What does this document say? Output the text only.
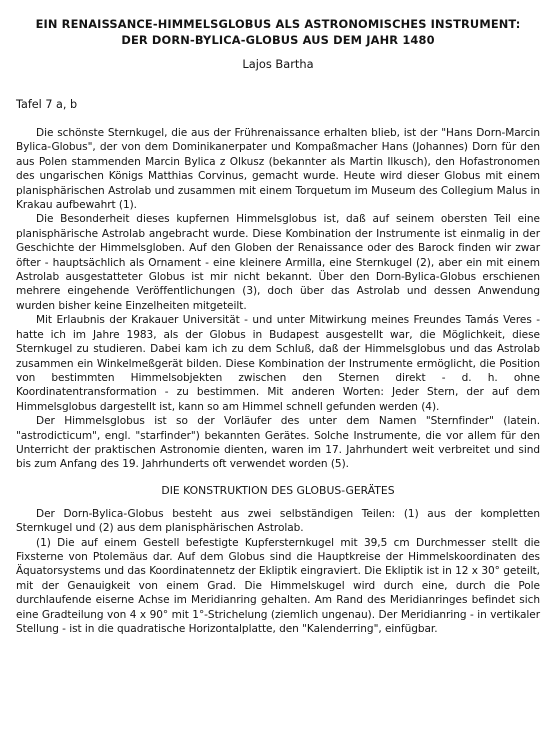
EIN RENAISSANCE-HIMMELSGLOBUS ALS ASTRONOMISCHES INSTRUMENT:
DER DORN-BYLICA-GLOBUS AUS DEM JAHR 1480
Lajos Bartha
Tafel 7 a, b

Die schönste Sternkugel, die aus der Frührenaissance erhalten blieb, ist der "Hans Dorn-Marcin Bylica-Globus", der von dem Dominikanerpater und Kompaßmacher Hans (Johannes) Dorn für den aus Polen stammenden Marcin Bylica z Olkusz (bekannter als Martin Ilkusch), den Hofastronomen des ungarischen Königs Matthias Corvinus, gemacht wurde. Heute wird dieser Globus mit einem planisphärischen Astrolab und zusammen mit einem Torquetum im Museum des Collegium Malus in Krakau aufbewahrt (1).

Die Besonderheit dieses kupfernen Himmelsglobus ist, daß auf seinem obersten Teil eine planisphärische Astrolab angebracht wurde. Diese Kombination der Instrumente ist einmalig in der Geschichte der Himmelsgloben. Auf den Globen der Renaissance oder des Barock finden wir zwar öfter - hauptsächlich als Ornament - eine kleinere Armilla, eine Sternkugel (2), aber ein mit einem Astrolab ausgestatteter Globus ist mir nicht bekannt. Über den Dorn-Bylica-Globus erschienen mehrere eingehende Veröffentlichungen (3), doch über das Astrolab und dessen Anwendung wurden bisher keine Einzelheiten mitgeteilt.

Mit Erlaubnis der Krakauer Universität - und unter Mitwirkung meines Freundes Tamás Veres - hatte ich im Jahre 1983, als der Globus in Budapest ausgestellt war, die Möglichkeit, diese Sternkugel zu studieren. Dabei kam ich zu dem Schluß, daß der Himmelsglobus und das Astrolab zusammen ein Winkelmeßgerät bilden. Diese Kombination der Instrumente ermöglicht, die Position von bestimmten Himmelsobjekten zwischen den Sternen direkt - d. h. ohne Koordinatentransformation - zu bestimmen. Mit anderen Worten: Jeder Stern, der auf dem Himmelsglobus dargestellt ist, kann so am Himmel schnell gefunden werden (4).

Der Himmelsglobus ist so der Vorläufer des unter dem Namen "Sternfinder" (latein. "astrodicticum", engl. "starfinder") bekannten Gerätes. Solche Instrumente, die vor allem für den Unterricht der praktischen Astronomie dienten, waren im 17. Jahrhundert weit verbreitet und sind bis zum Anfang des 19. Jahrhunderts oft verwendet worden (5).

DIE KONSTRUKTION DES GLOBUS-GERÄTES

Der Dorn-Bylica-Globus besteht aus zwei selbständigen Teilen: (1) aus der kompletten Sternkugel und (2) aus dem planisphärischen Astrolab.

(1) Die auf einem Gestell befestigte Kupfersternkugel mit 39,5 cm Durchmesser stellt die Fixsterne von Ptolemäus dar. Auf dem Globus sind die Hauptkreise der Himmelskoordinaten des Äquatorsystems und das Koordinatennetz der Ekliptik eingraviert. Die Ekliptik ist in 12 x 30° geteilt, mit der Genauigkeit von einem Grad. Die Himmelskugel wird durch eine, durch die Pole durchlaufende eiserne Achse im Meridianring gehalten. Am Rand des Meridianringes befindet sich eine Gradteilung von 4 x 90° mit 1°-Strichelung (ziemlich ungenau). Der Meridianring - in vertikaler Stellung - ist in die quadratische Horizontalplatte, den "Kalenderring", einfügbar.
